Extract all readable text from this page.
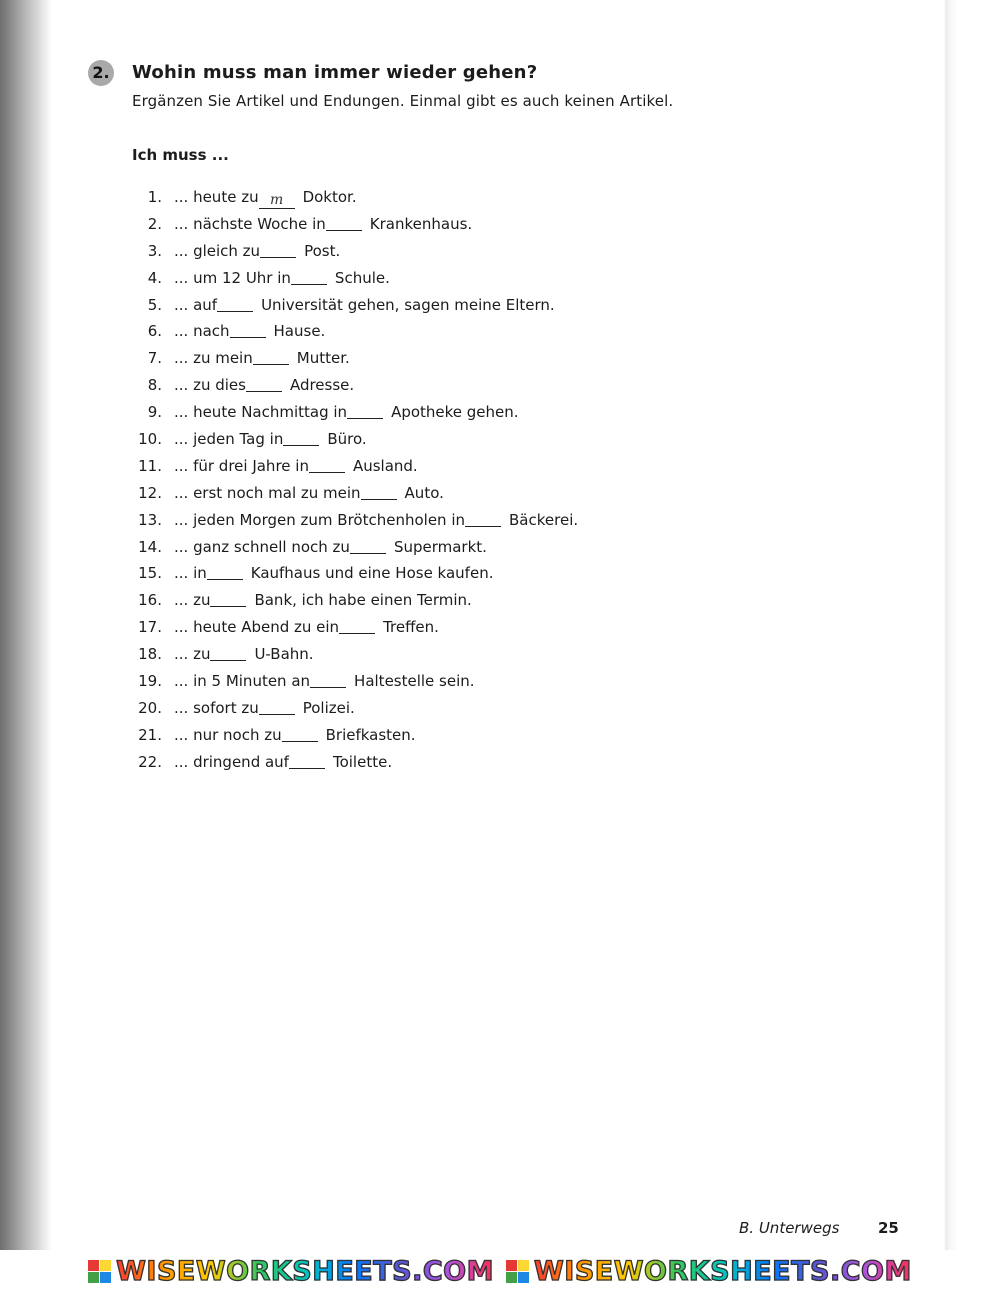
2. Wohin muss man immer wieder gehen?

Ergänzen Sie Artikel und Endungen. Einmal gibt es auch keinen Artikel.

Ich muss ...

1. ... heute zu m Doktor.
2. ... nächste Woche in	Krankenhaus.
3. ... gleich zu	Post.
4. ... um 12 Uhr in	Schule.
5. ... auf	Universität gehen, sagen meine Eltern.
6. ... nach	Hause.
7. ... zu mein	Mutter.
8. ... zu dies	Adresse.
9. ... heute Nachmittag in	Apotheke gehen.
10. ... jeden Tag in	Büro.
11. ... für drei Jahre in	Ausland.
12. ... erst noch mal zu mein	Auto.
13. ... jeden Morgen zum Brötchenholen in	Bäckerei.
14. ... ganz schnell noch zu	Supermarkt.
15. ... in	Kaufhaus und eine Hose kaufen.
16. ... zu	Bank, ich habe einen Termin.
17. ... heute Abend zu ein	Treffen.
18. ... zu	U-Bahn.
19. ... in 5 Minuten an	Haltestelle sein.
20. ... sofort zu	Polizei.
21. ... nur noch zu	Briefkasten.
22. ... dringend auf	Toilette.

B. Unterwegs	25

WISEWORKSHEETS.COM WISEWORKSHEETS.COM
